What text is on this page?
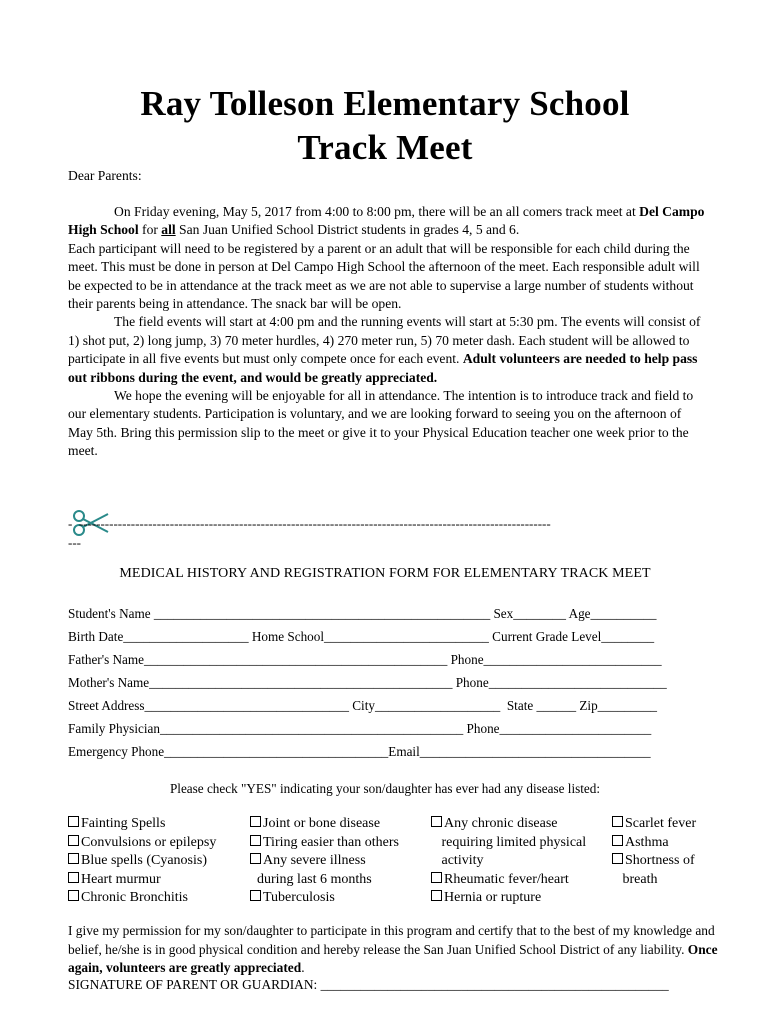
Ray Tolleson Elementary School
Track Meet
Dear Parents:

On Friday evening, May 5, 2017 from 4:00 to 8:00 pm, there will be an all comers track meet at Del Campo High School for all San Juan Unified School District students in grades 4, 5 and 6.

Each participant will need to be registered by a parent or an adult that will be responsible for each child during the meet. This must be done in person at Del Campo High School the afternoon of the meet. Each responsible adult will be expected to be in attendance at the track meet as we are not able to supervise a large number of students without their parents being in attendance. The snack bar will be open.

The field events will start at 4:00 pm and the running events will start at 5:30 pm. The events will consist of 1) shot put, 2) long jump, 3) 70 meter hurdles, 4) 270 meter run, 5) 70 meter dash. Each student will be allowed to participate in all five events but must only compete once for each event. Adult volunteers are needed to help pass out ribbons during the event, and would be greatly appreciated.

We hope the evening will be enjoyable for all in attendance. The intention is to introduce track and field to our elementary students. Participation is voluntary, and we are looking forward to seeing you on the afternoon of May 5th. Bring this permission slip to the meet or give it to your Physical Education teacher one week prior to the meet.

-  -------------------------------------------------------------------------------------------------------------
---
MEDICAL HISTORY AND REGISTRATION FORM FOR ELEMENTARY TRACK MEET
Student's Name ___________________________________________________ Sex________ Age__________
Birth Date___________________ Home School_________________________ Current Grade Level________
Father's Name______________________________________________ Phone___________________________
Mother's Name______________________________________________ Phone___________________________
Street Address_______________________________ City___________________  State ______ Zip_________
Family Physician______________________________________________ Phone_______________________
Emergency Phone__________________________________Email___________________________________
Please check "YES" indicating your son/daughter has ever had any disease listed:
Fainting Spells
Convulsions or epilepsy
Blue spells (Cyanosis)
Heart murmur
Chronic Bronchitis
Joint or bone disease
Tiring easier than others
Any severe illness
during last 6 months
Tuberculosis
Any chronic disease
requiring limited physical
activity
Rheumatic fever/heart
Hernia or rupture
Scarlet fever
Asthma
Shortness of
breath
I give my permission for my son/daughter to participate in this program and certify that to the best of my knowledge and belief, he/she is in good physical condition and hereby release the San Juan Unified School District of any liability. Once again, volunteers are greatly appreciated.
SIGNATURE OF PARENT OR GUARDIAN: ____________________________________________________
